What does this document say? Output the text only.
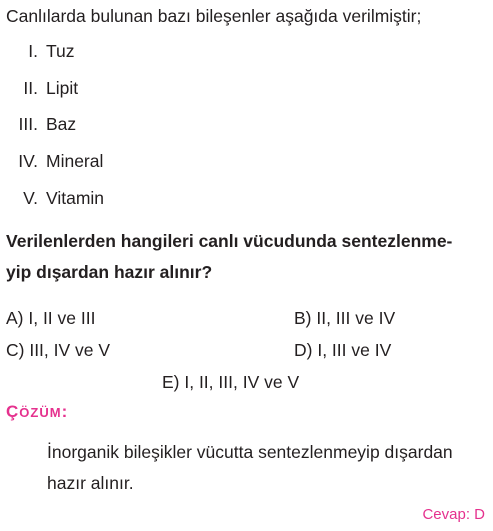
Canlılarda bulunan bazı bileşenler aşağıda verilmiştir;
I. Tuz
II. Lipit
III. Baz
IV. Mineral
V. Vitamin
Verilenlerden hangileri canlı vücudunda sentezlenme-
yip dışardan hazır alınır?
A) I, II ve III	B) II, III ve IV
C) III, IV ve V	D) I, III ve IV
E) I, II, III, IV ve V
ÇÖZÜM:
İnorganik bileşikler vücutta sentezlenmeyip dışardan
hazır alınır.
Cevap: D
